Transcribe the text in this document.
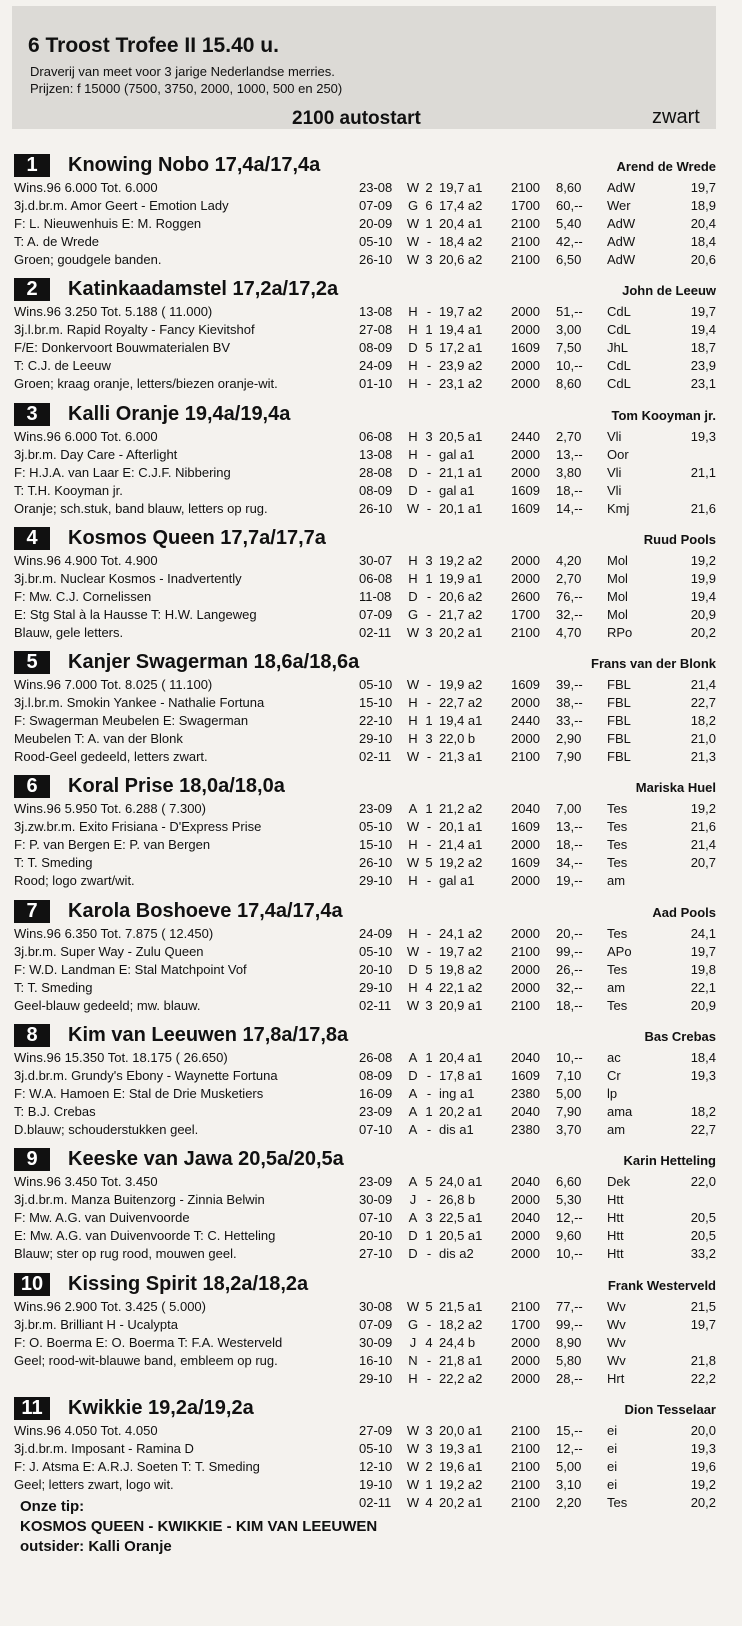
6 Troost Trofee II 15.40 u.
Draverij van meet voor 3 jarige Nederlandse merries.
Prijzen: f 15000 (7500, 3750, 2000, 1000, 500 en 250)
2100 autostart	zwart
1	Knowing Nobo 17,4a/17,4a	Arend de Wrede
Wins.96 6.000 Tot. 6.000
3j.d.br.m. Amor Geert - Emotion Lady
F: L. Nieuwenhuis E: M. Roggen
T: A. de Wrede
Groen; goudgele banden.
23-08 W 2 19,7 a1 2100 8,60 AdW	19,7
07-09 G 6 17,4 a2 1700 60,-- Wer	18,9
20-09 W 1 20,4 a1 2100 5,40 AdW	20,4
05-10 W - 18,4 a2 2100 42,-- AdW	18,4
26-10 W 3 20,6 a2 2100 6,50 AdW	20,6
2	Katinkaadamstel 17,2a/17,2a	John de Leeuw
Wins.96 3.250 Tot. 5.188 ( 11.000)
3j.l.br.m. Rapid Royalty - Fancy Kievitshof
F/E: Donkervoort Bouwmaterialen BV
T: C.J. de Leeuw
Groen; kraag oranje, letters/biezen oranje-wit.
13-08 H - 19,7 a2 2000 51,-- CdL	19,7
27-08 H 1 19,4 a1 2000 3,00 CdL	19,4
08-09 D 5 17,2 a1 1609 7,50 JhL	18,7
24-09 H - 23,9 a2 2000 10,-- CdL	23,9
01-10 H - 23,1 a2 2000 8,60 CdL	23,1
3	Kalli Oranje 19,4a/19,4a	Tom Kooyman jr.
Wins.96 6.000 Tot. 6.000
3j.br.m. Day Care - Afterlight
F: H.J.A. van Laar E: C.J.F. Nibbering
T: T.H. Kooyman jr.
Oranje; sch.stuk, band blauw, letters op rug.
06-08 H 3 20,5 a1 2440 2,70 Vli	19,3
13-08 H - gal a1	2000 13,-- Oor
28-08 D - 21,1 a1 2000 3,80 Vli	21,1
08-09 D - gal a1	1609 18,-- Vli
26-10 W - 20,1 a1 1609 14,-- Kmj	21,6
4	Kosmos Queen 17,7a/17,7a	Ruud Pools
Wins.96 4.900 Tot. 4.900
3j.br.m. Nuclear Kosmos - Inadvertently
F: Mw. C.J. Cornelissen
E: Stg Stal à la Hausse T: H.W. Langeweg
Blauw, gele letters.
30-07 H 3 19,2 a2 2000 4,20 Mol	19,2
06-08 H 1 19,9 a1 2000 2,70 Mol	19,9
11-08 D - 20,6 a2 2600 76,-- Mol	19,4
07-09 G - 21,7 a2 1700 32,-- Mol	20,9
02-11 W 3 20,2 a1 2100 4,70 RPo	20,2
5	Kanjer Swagerman 18,6a/18,6a	Frans van der Blonk
Wins.96 7.000 Tot. 8.025 ( 11.100)
3j.l.br.m. Smokin Yankee - Nathalie Fortuna
F: Swagerman Meubelen E: Swagerman
Meubelen T: A. van der Blonk
Rood-Geel gedeeld, letters zwart.
05-10 W - 19,9 a2 1609 39,-- FBL	21,4
15-10 H - 22,7 a2 2000 38,-- FBL	22,7
22-10 H 1 19,4 a1 2440 33,-- FBL	18,2
29-10 H 3 22,0 b	2000 2,90 FBL	21,0
02-11 W - 21,3 a1 2100 7,90 FBL	21,3
6	Koral Prise 18,0a/18,0a	Mariska Huel
Wins.96 5.950 Tot. 6.288 ( 7.300)
3j.zw.br.m. Exito Frisiana - D'Express Prise
F: P. van Bergen E: P. van Bergen
T: T. Smeding
Rood; logo zwart/wit.
23-09 A 1 21,2 a2 2040 7,00 Tes	19,2
05-10 W - 20,1 a1 1609 13,-- Tes	21,6
15-10 H - 21,4 a1 2000 18,-- Tes	21,4
26-10 W 5 19,2 a2 1609 34,-- Tes	20,7
29-10 H - gal a1	2000 19,-- am
7	Karola Boshoeve 17,4a/17,4a	Aad Pools
Wins.96 6.350 Tot. 7.875 ( 12.450)
3j.br.m. Super Way - Zulu Queen
F: W.D. Landman E: Stal Matchpoint Vof
T: T. Smeding
Geel-blauw gedeeld; mw. blauw.
24-09 H - 24,1 a2 2000 20,-- Tes	24,1
05-10 W - 19,7 a2 2100 99,-- APo	19,7
20-10 D 5 19,8 a2 2000 26,-- Tes	19,8
29-10 H 4 22,1 a2 2000 32,-- am	22,1
02-11 W 3 20,9 a1 2100 18,-- Tes	20,9
8	Kim van Leeuwen 17,8a/17,8a	Bas Crebas
Wins.96 15.350 Tot. 18.175 ( 26.650)
3j.d.br.m. Grundy's Ebony - Waynette Fortuna
F: W.A. Hamoen E: Stal de Drie Musketiers
T: B.J. Crebas
D.blauw; schouderstukken geel.
26-08 A 1 20,4 a1 2040 10,-- ac	18,4
08-09 D - 17,8 a1 1609 7,10 Cr	19,3
16-09 A - ing a1	2380 5,00 lp
23-09 A 1 20,2 a1 2040 7,90 ama	18,2
07-10 A - dis a1	2380 3,70 am	22,7
9	Keeske van Jawa 20,5a/20,5a	Karin Hetteling
Wins.96 3.450 Tot. 3.450
3j.d.br.m. Manza Buitenzorg - Zinnia Belwin
F: Mw. A.G. van Duivenvoorde
E: Mw. A.G. van Duivenvoorde T: C. Hetteling
Blauw; ster op rug rood, mouwen geel.
23-09 A 5 24,0 a1 2040 6,60 Dek	22,0
30-09 J - 26,8 b	2000 5,30 Htt
07-10 A 3 22,5 a1 2040 12,-- Htt	20,5
20-10 D 1 20,5 a1 2000 9,60 Htt	20,5
27-10 D - dis a2	2000 10,-- Htt	33,2
10	Kissing Spirit 18,2a/18,2a	Frank Westerveld
Wins.96 2.900 Tot. 3.425 ( 5.000)
3j.br.m. Brilliant H - Ucalypta
F: O. Boerma E: O. Boerma T: F.A. Westerveld
Geel; rood-wit-blauwe band, embleem op rug.
30-08 W 5 21,5 a1 2100 77,-- Wv	21,5
07-09 G - 18,2 a2 1700 99,-- Wv	19,7
30-09 J 4 24,4 b	2000 8,90 Wv
16-10 N - 21,8 a1 2000 5,80 Wv	21,8
29-10 H - 22,2 a2 2000 28,-- Hrt	22,2
11	Kwikkie 19,2a/19,2a	Dion Tesselaar
Wins.96 4.050 Tot. 4.050
3j.d.br.m. Imposant - Ramina D
F: J. Atsma E: A.R.J. Soeten T: T. Smeding
Geel; letters zwart, logo wit.
27-09 W 3 20,0 a1 2100 15,-- ei	20,0
05-10 W 3 19,3 a1 2100 12,-- ei	19,3
12-10 W 2 19,6 a1 2100 5,00 ei	19,6
19-10 W 1 19,2 a2 2100 3,10 ei	19,2
02-11 W 4 20,2 a1 2100 2,20 Tes	20,2
Onze tip:
KOSMOS QUEEN - KWIKKIE - KIM VAN LEEUWEN
outsider: Kalli Oranje
